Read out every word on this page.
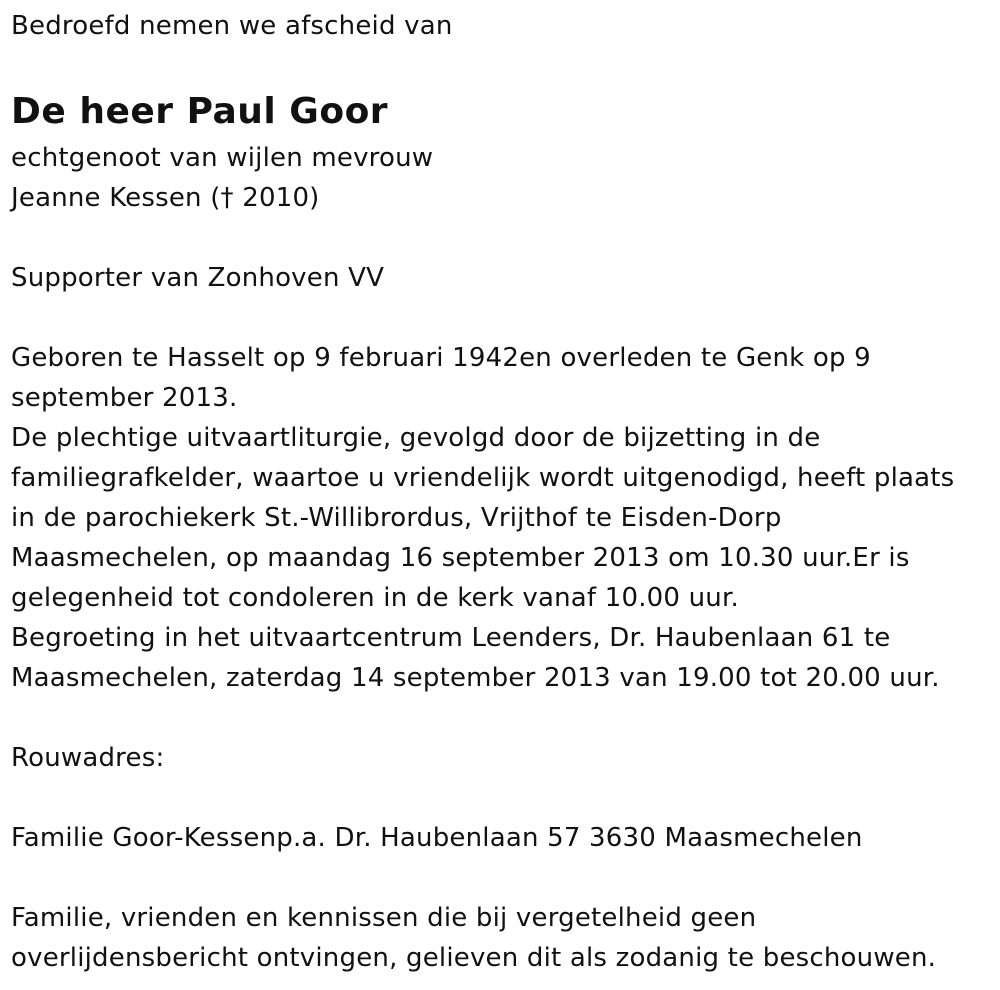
Bedroefd nemen we afscheid van
De heer Paul Goor
echtgenoot van wijlen mevrouw
Jeanne Kessen († 2010)
Supporter van Zonhoven VV
Geboren te Hasselt op 9 februari 1942en overleden te Genk op 9
september 2013.
De plechtige uitvaartliturgie, gevolgd door de bijzetting in de
familiegrafkelder, waartoe u vriendelijk wordt uitgenodigd, heeft plaats
in de parochiekerk St.-Willibrordus, Vrijthof te Eisden-Dorp
Maasmechelen, op maandag 16 september 2013 om 10.30 uur.Er is
gelegenheid tot condoleren in de kerk vanaf 10.00 uur.
Begroeting in het uitvaartcentrum Leenders, Dr. Haubenlaan 61 te
Maasmechelen, zaterdag 14 september 2013 van 19.00 tot 20.00 uur.
Rouwadres:
Familie Goor-Kessenp.a. Dr. Haubenlaan 57 3630 Maasmechelen
Familie, vrienden en kennissen die bij vergetelheid geen
overlijdensbericht ontvingen, gelieven dit als zodanig te beschouwen.
